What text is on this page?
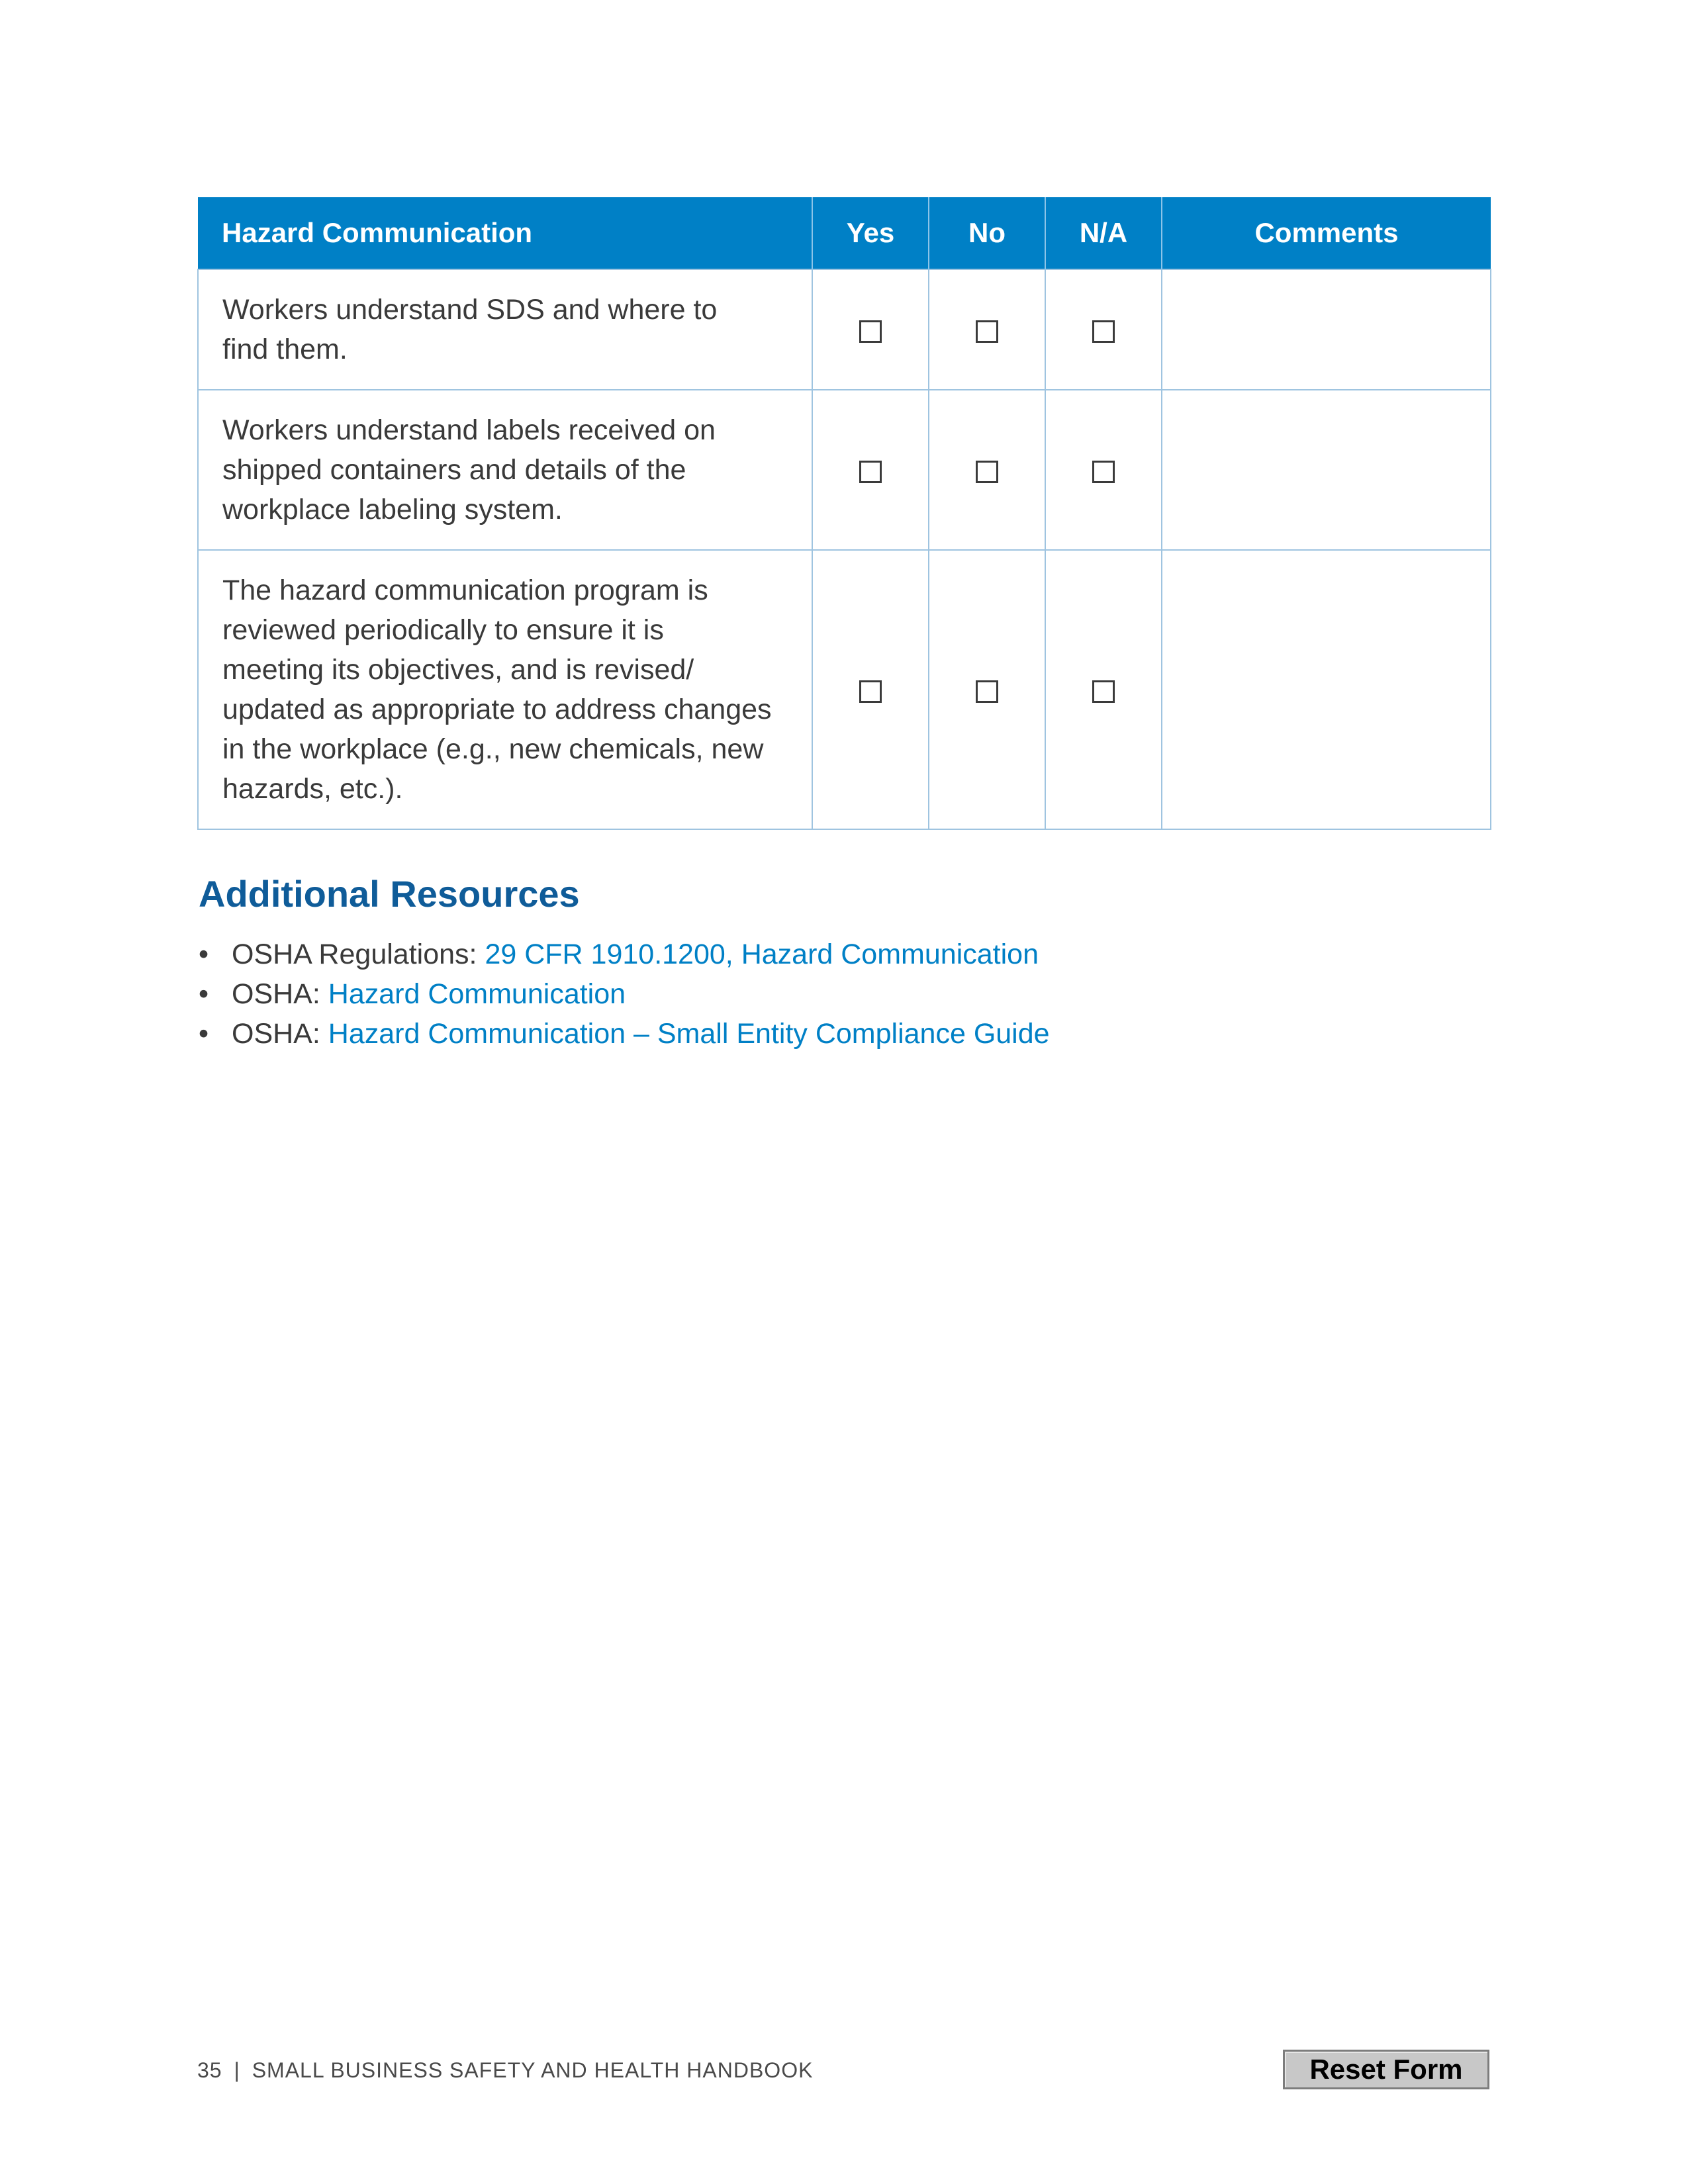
Hazard Communication	Yes	No	N/A	Comments

Workers understand SDS and where to find them.				

Workers understand labels received on shipped containers and details of the workplace labeling system.				

The hazard communication program is reviewed periodically to ensure it is meeting its objectives, and is revised/ updated as appropriate to address changes in the workplace (e.g., new chemicals, new hazards, etc.).				

Additional Resources
• OSHA Regulations: 29 CFR 1910.1200, Hazard Communication
• OSHA: Hazard Communication
• OSHA: Hazard Communication – Small Entity Compliance Guide
35 | SMALL BUSINESS SAFETY AND HEALTH HANDBOOK	Reset Form
